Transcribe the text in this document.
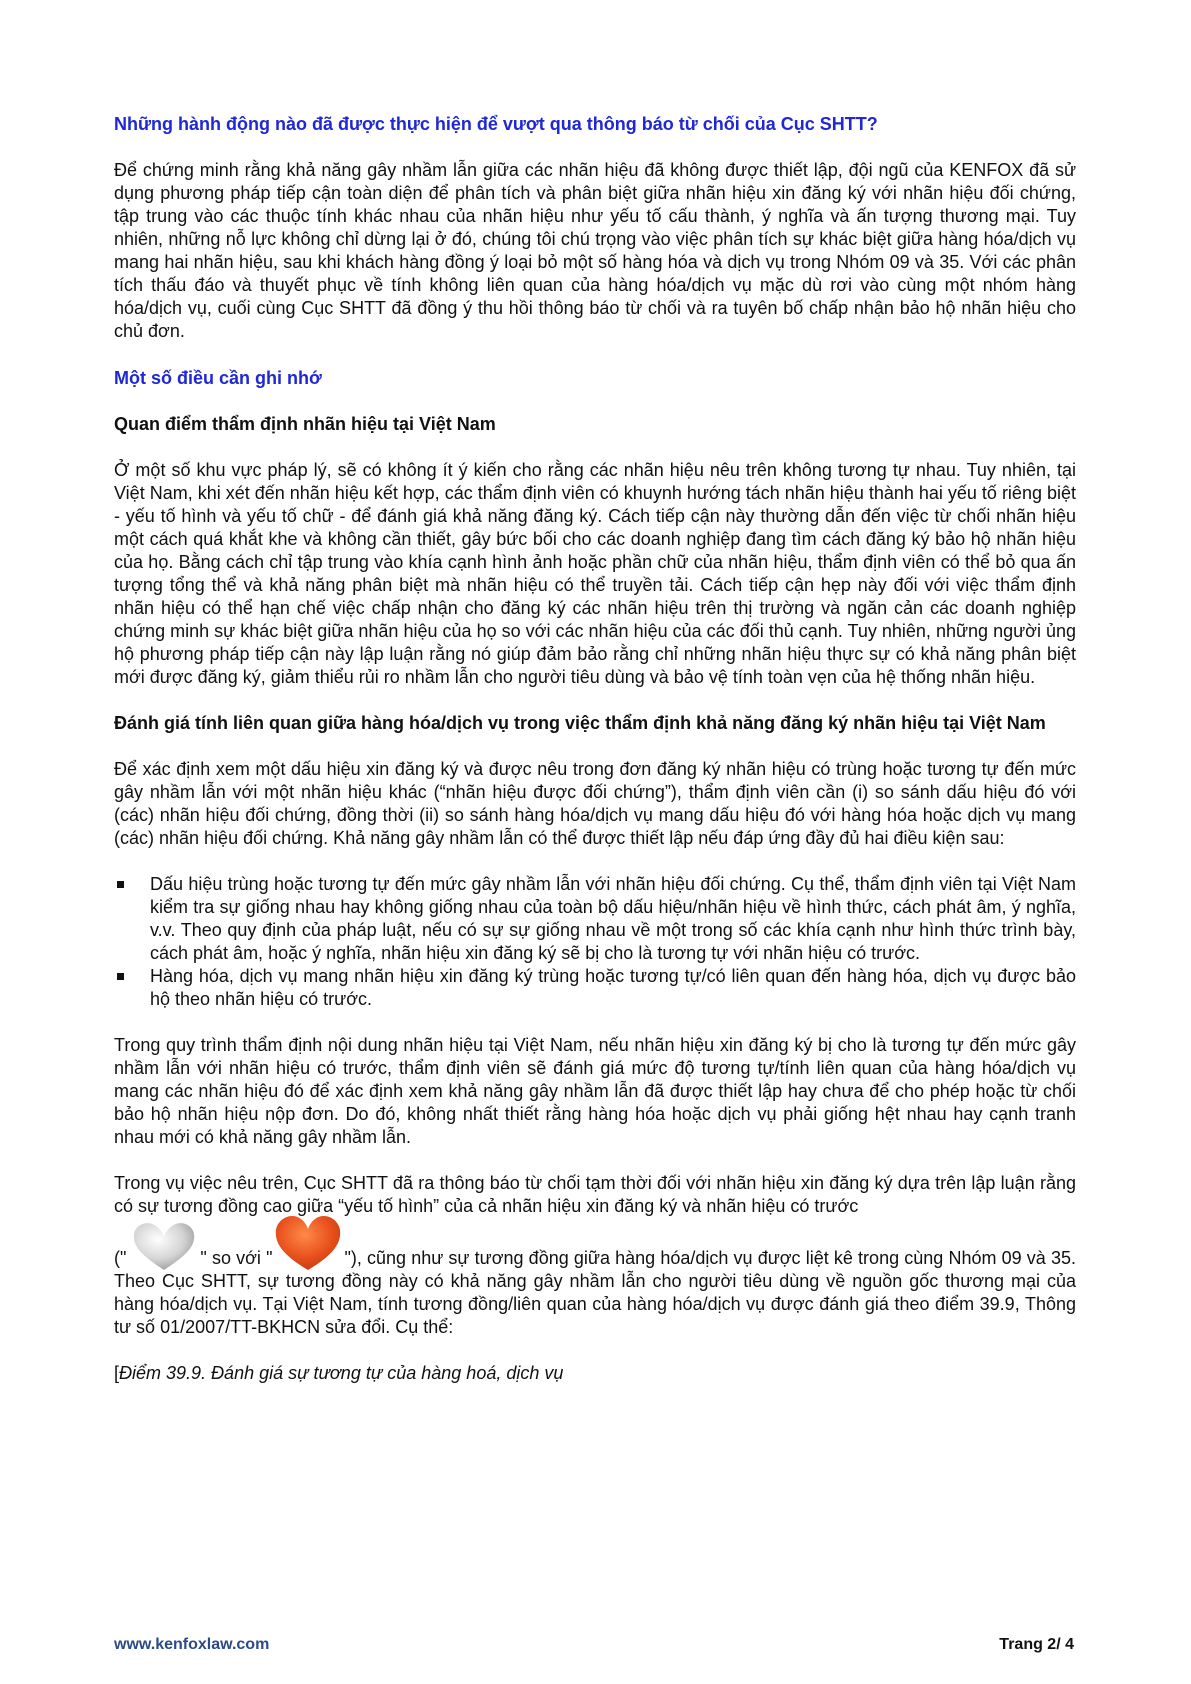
Những hành động nào đã được thực hiện để vượt qua thông báo từ chối của Cục SHTT?

Để chứng minh rằng khả năng gây nhầm lẫn giữa các nhãn hiệu đã không được thiết lập, đội ngũ của KENFOX đã sử dụng phương pháp tiếp cận toàn diện để phân tích và phân biệt giữa nhãn hiệu xin đăng ký với nhãn hiệu đối chứng, tập trung vào các thuộc tính khác nhau của nhãn hiệu như yếu tố cấu thành, ý nghĩa và ấn tượng thương mại. Tuy nhiên, những nỗ lực không chỉ dừng lại ở đó, chúng tôi chú trọng vào việc phân tích sự khác biệt giữa hàng hóa/dịch vụ mang hai nhãn hiệu, sau khi khách hàng đồng ý loại bỏ một số hàng hóa và dịch vụ trong Nhóm 09 và 35. Với các phân tích thấu đáo và thuyết phục về tính không liên quan của hàng hóa/dịch vụ mặc dù rơi vào cùng một nhóm hàng hóa/dịch vụ, cuối cùng Cục SHTT đã đồng ý thu hồi thông báo từ chối và ra tuyên bố chấp nhận bảo hộ nhãn hiệu cho chủ đơn.

Một số điều cần ghi nhớ
Quan điểm thẩm định nhãn hiệu tại Việt Nam

Ở một số khu vực pháp lý, sẽ có không ít ý kiến cho rằng các nhãn hiệu nêu trên không tương tự nhau. Tuy nhiên, tại Việt Nam, khi xét đến nhãn hiệu kết hợp, các thẩm định viên có khuynh hướng tách nhãn hiệu thành hai yếu tố riêng biệt - yếu tố hình và yếu tố chữ - để đánh giá khả năng đăng ký. Cách tiếp cận này thường dẫn đến việc từ chối nhãn hiệu một cách quá khắt khe và không cần thiết, gây bức bối cho các doanh nghiệp đang tìm cách đăng ký bảo hộ nhãn hiệu của họ. Bằng cách chỉ tập trung vào khía cạnh hình ảnh hoặc phần chữ của nhãn hiệu, thẩm định viên có thể bỏ qua ấn tượng tổng thể và khả năng phân biệt mà nhãn hiệu có thể truyền tải. Cách tiếp cận hẹp này đối với việc thẩm định nhãn hiệu có thể hạn chế việc chấp nhận cho đăng ký các nhãn hiệu trên thị trường và ngăn cản các doanh nghiệp chứng minh sự khác biệt giữa nhãn hiệu của họ so với các nhãn hiệu của các đối thủ cạnh. Tuy nhiên, những người ủng hộ phương pháp tiếp cận này lập luận rằng nó giúp đảm bảo rằng chỉ những nhãn hiệu thực sự có khả năng phân biệt mới được đăng ký, giảm thiểu rủi ro nhầm lẫn cho người tiêu dùng và bảo vệ tính toàn vẹn của hệ thống nhãn hiệu.

Đánh giá tính liên quan giữa hàng hóa/dịch vụ trong việc thẩm định khả năng đăng ký nhãn hiệu tại Việt Nam

Để xác định xem một dấu hiệu xin đăng ký và được nêu trong đơn đăng ký nhãn hiệu có trùng hoặc tương tự đến mức gây nhầm lẫn với một nhãn hiệu khác (“nhãn hiệu được đối chứng”), thẩm định viên cần (i) so sánh dấu hiệu đó với (các) nhãn hiệu đối chứng, đồng thời (ii) so sánh hàng hóa/dịch vụ mang dấu hiệu đó với hàng hóa hoặc dịch vụ mang (các) nhãn hiệu đối chứng. Khả năng gây nhầm lẫn có thể được thiết lập nếu đáp ứng đầy đủ hai điều kiện sau:

Dấu hiệu trùng hoặc tương tự đến mức gây nhầm lẫn với nhãn hiệu đối chứng. Cụ thể, thẩm định viên tại Việt Nam kiểm tra sự giống nhau hay không giống nhau của toàn bộ dấu hiệu/nhãn hiệu về hình thức, cách phát âm, ý nghĩa, v.v. Theo quy định của pháp luật, nếu có sự sự giống nhau về một trong số các khía cạnh như hình thức trình bày, cách phát âm, hoặc ý nghĩa, nhãn hiệu xin đăng ký sẽ bị cho là tương tự với nhãn hiệu có trước.
Hàng hóa, dịch vụ mang nhãn hiệu xin đăng ký trùng hoặc tương tự/có liên quan đến hàng hóa, dịch vụ được bảo hộ theo nhãn hiệu có trước.

Trong quy trình thẩm định nội dung nhãn hiệu tại Việt Nam, nếu nhãn hiệu xin đăng ký bị cho là tương tự đến mức gây nhầm lẫn với nhãn hiệu có trước, thẩm định viên sẽ đánh giá mức độ tương tự/tính liên quan của hàng hóa/dịch vụ mang các nhãn hiệu đó để xác định xem khả năng gây nhầm lẫn đã được thiết lập hay chưa để cho phép hoặc từ chối bảo hộ nhãn hiệu nộp đơn. Do đó, không nhất thiết rằng hàng hóa hoặc dịch vụ phải giống hệt nhau hay cạnh tranh nhau mới có khả năng gây nhầm lẫn.

Trong vụ việc nêu trên, Cục SHTT đã ra thông báo từ chối tạm thời đối với nhãn hiệu xin đăng ký dựa trên lập luận rằng có sự tương đồng cao giữa “yếu tố hình” của cả nhãn hiệu xin đăng ký và nhãn hiệu có trước

("	" so với "	"), cũng như sự tương đồng giữa hàng hóa/dịch vụ được liệt kê trong cùng Nhóm 09 và 35. Theo Cục SHTT, sự tương đồng này có khả năng gây nhầm lẫn cho người tiêu dùng về nguồn gốc thương mại của hàng hóa/dịch vụ. Tại Việt Nam, tính tương đồng/liên quan của hàng hóa/dịch vụ được đánh giá theo điểm 39.9, Thông tư số 01/2007/TT-BKHCN sửa đổi. Cụ thể:

[Điểm 39.9. Đánh giá sự tương tự của hàng hoá, dịch vụ

www.kenfoxlaw.com	Trang 2/ 4
